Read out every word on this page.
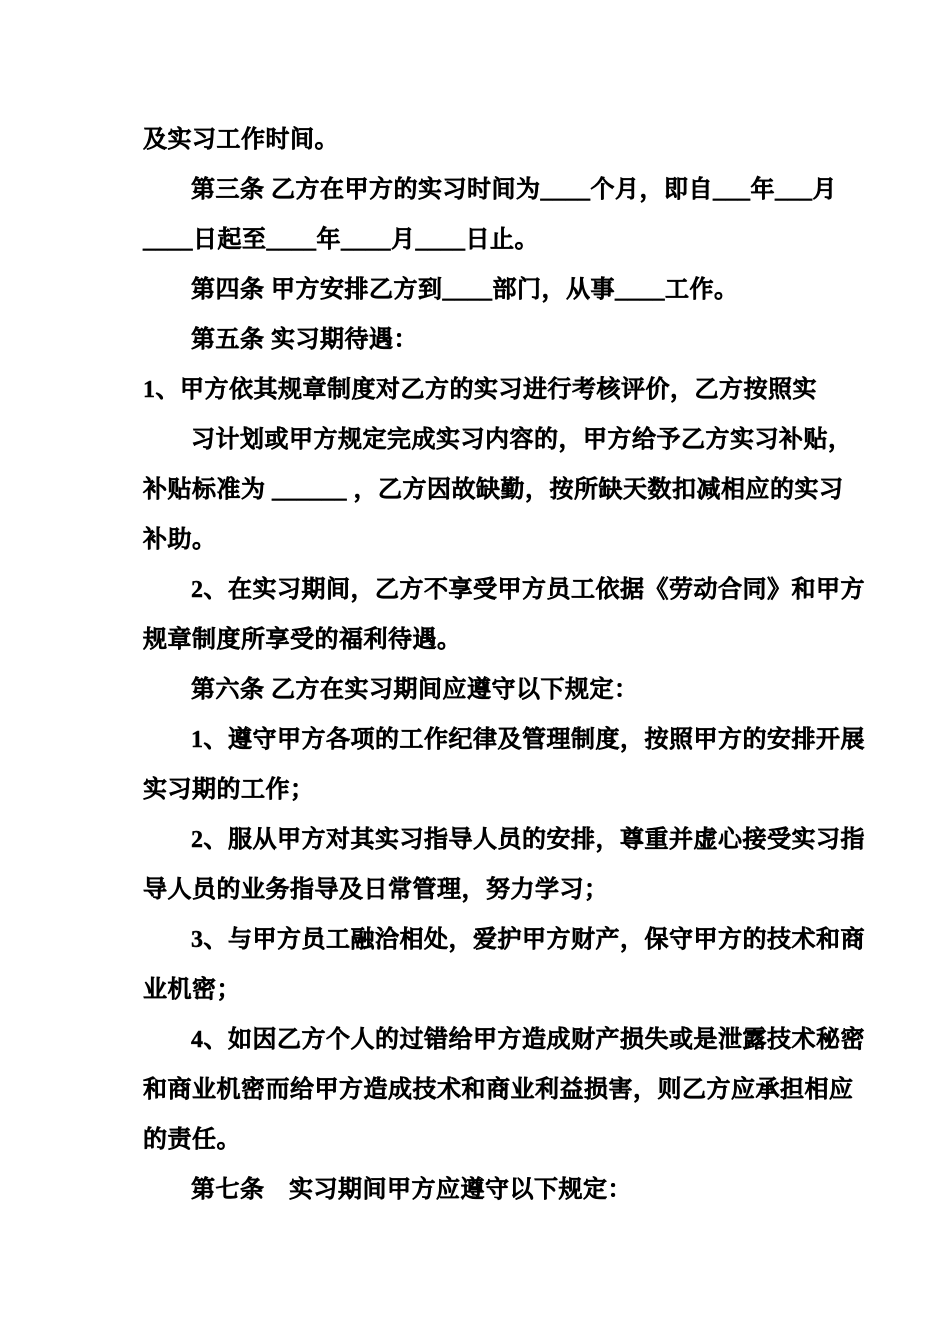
及实习工作时间。
第三条 乙方在甲方的实习时间为____个月，即自___年___月
____日起至____年____月____日止。
第四条 甲方安排乙方到____部门，从事____工作。
第五条 实习期待遇：
1、甲方依其规章制度对乙方的实习进行考核评价，乙方按照实
习计划或甲方规定完成实习内容的，甲方给予乙方实习补贴，
补贴标准为 ______ ，乙方因故缺勤，按所缺天数扣减相应的实习
补助。
2、在实习期间，乙方不享受甲方员工依据《劳动合同》和甲方
规章制度所享受的福利待遇。
第六条 乙方在实习期间应遵守以下规定：
1、遵守甲方各项的工作纪律及管理制度，按照甲方的安排开展
实习期的工作；
2、服从甲方对其实习指导人员的安排，尊重并虚心接受实习指
导人员的业务指导及日常管理，努力学习；
3、与甲方员工融洽相处，爱护甲方财产，保守甲方的技术和商
业机密；
4、如因乙方个人的过错给甲方造成财产损失或是泄露技术秘密
和商业机密而给甲方造成技术和商业利益损害，则乙方应承担相应
的责任。
第七条　实习期间甲方应遵守以下规定：
